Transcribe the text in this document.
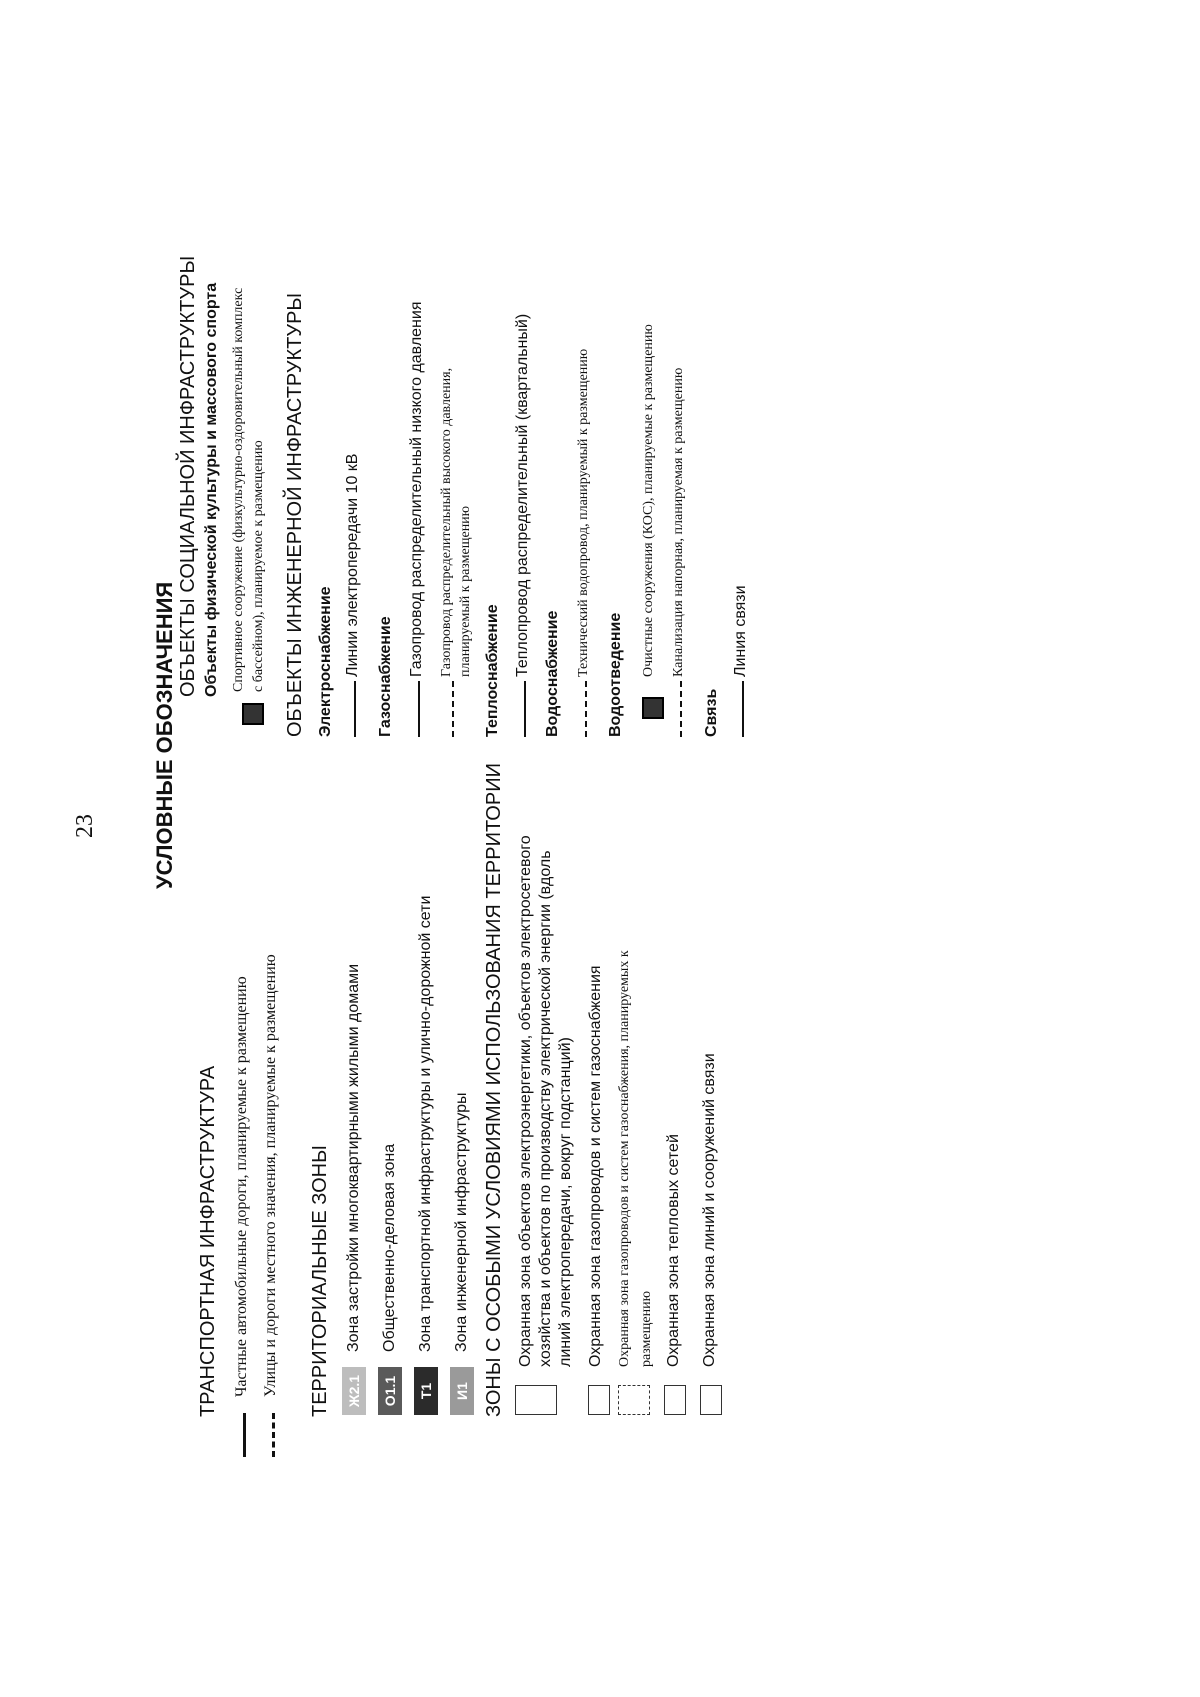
23 УСЛОВНЫЕ ОБОЗНАЧЕНИЯ
ТРАНСПОРТНАЯ ИНФРАСТРУКТУРА Частные автомобильные дороги, планируемые к размещению Улицы и дороги местного значения, планируемые к размещению ТЕРРИТОРИАЛЬНЫЕ ЗОНЫ Ж2.1
Зона застройки многоквартирными жилыми домами
О1.1
Общественно-деловая зона
Т1
Зона транспортной инфраструктуры и улично-дорожной сети
И1
Зона инженерной инфраструктуры ЗОНЫ С ОСОБЫМИ УСЛОВИЯМИ ИСПОЛЬЗОВАНИЯ ТЕРРИТОРИИ Охранная зона объектов электроэнергетики, объектов электросетевого хозяйства и объектов по производству электрической энергии (вдоль линий электропередачи, вокруг подстанций) Охранная зона газопроводов и систем газоснабжения Охранная зона газопроводов и систем газоснабжения, планируемых к размещению Охранная зона тепловых сетей Охранная зона линий и сооружений связи
ОБЪЕКТЫ СОЦИАЛЬНОЙ ИНФРАСТРУКТУРЫ Объекты физической культуры и массового спорта Спортивное сооружение (физкультурно-оздоровительный комплекс с бассейном), планируемое к размещению ОБЪЕКТЫ ИНЖЕНЕРНОЙ ИНФРАСТРУКТУРЫ Электроснабжение Линии электропередачи 10 кВ Газоснабжение Газопровод распределительный низкого давления Газопровод распределительный высокого давления, планируемый к размещению Теплоснабжение Теплопровод распределительный (квартальный) Водоснабжение Технический водопровод, планируемый к размещению Водоотведение Очистные сооружения (КОС), планируемые к размещению Канализация напорная, планируемая к размещению
Связь
Линия связи
